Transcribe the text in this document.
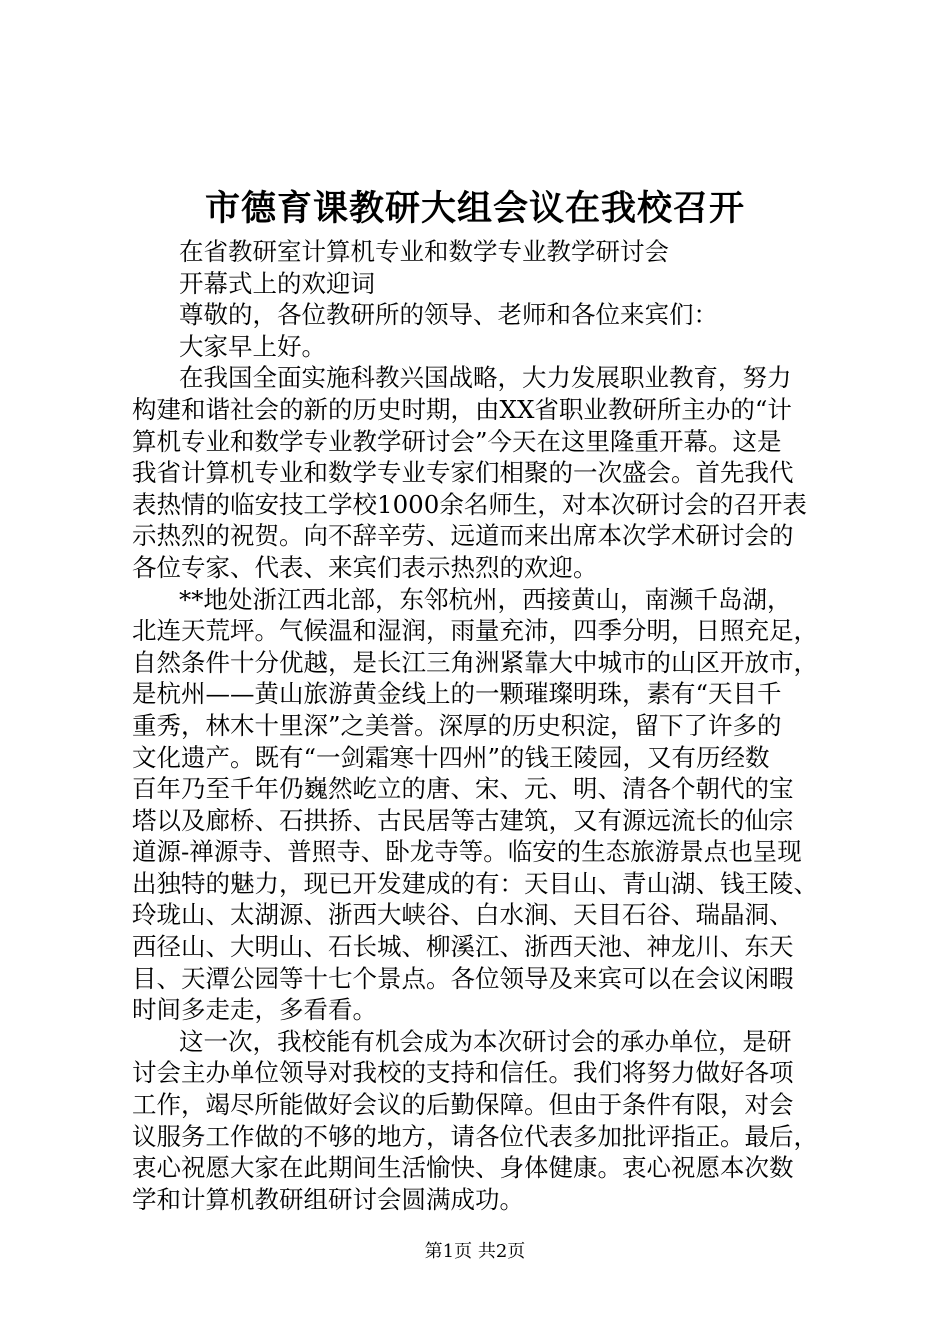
市德育课教研大组会议在我校召开
在省教研室计算机专业和数学专业教学研讨会
开幕式上的欢迎词
尊敬的，各位教研所的领导、老师和各位来宾们：
大家早上好。
在我国全面实施科教兴国战略，大力发展职业教育，努力
构建和谐社会的新的历史时期，由XX省职业教研所主办的“计
算机专业和数学专业教学研讨会”今天在这里隆重开幕。这是
我省计算机专业和数学专业专家们相聚的一次盛会。首先我代
表热情的临安技工学校1000余名师生，对本次研讨会的召开表
示热烈的祝贺。向不辞辛劳、远道而来出席本次学术研讨会的
各位专家、代表、来宾们表示热烈的欢迎。
**地处浙江西北部，东邻杭州，西接黄山，南濒千岛湖，
北连天荒坪。气候温和湿润，雨量充沛，四季分明，日照充足，
自然条件十分优越，是长江三角洲紧靠大中城市的山区开放市，
是杭州——黄山旅游黄金线上的一颗璀璨明珠，素有“天目千
重秀，林木十里深”之美誉。深厚的历史积淀，留下了许多的
文化遗产。既有“一剑霜寒十四州”的钱王陵园，又有历经数
百年乃至千年仍巍然屹立的唐、宋、元、明、清各个朝代的宝
塔以及廊桥、石拱挢、古民居等古建筑，又有源远流长的仙宗
道源-禅源寺、普照寺、卧龙寺等。临安的生态旅游景点也呈现
出独特的魅力，现已开发建成的有：天目山、青山湖、钱王陵、
玲珑山、太湖源、浙西大峡谷、白水涧、天目石谷、瑞晶洞、
西径山、大明山、石长城、柳溪江、浙西天池、神龙川、东天
目、天潭公园等十七个景点。各位领导及来宾可以在会议闲暇
时间多走走，多看看。
这一次，我校能有机会成为本次研讨会的承办单位，是研
讨会主办单位领导对我校的支持和信任。我们将努力做好各项
工作，竭尽所能做好会议的后勤保障。但由于条件有限，对会
议服务工作做的不够的地方，请各位代表多加批评指正。最后，
衷心祝愿大家在此期间生活愉快、身体健康。衷心祝愿本次数
学和计算机教研组研讨会圆满成功。
第1页 共2页
